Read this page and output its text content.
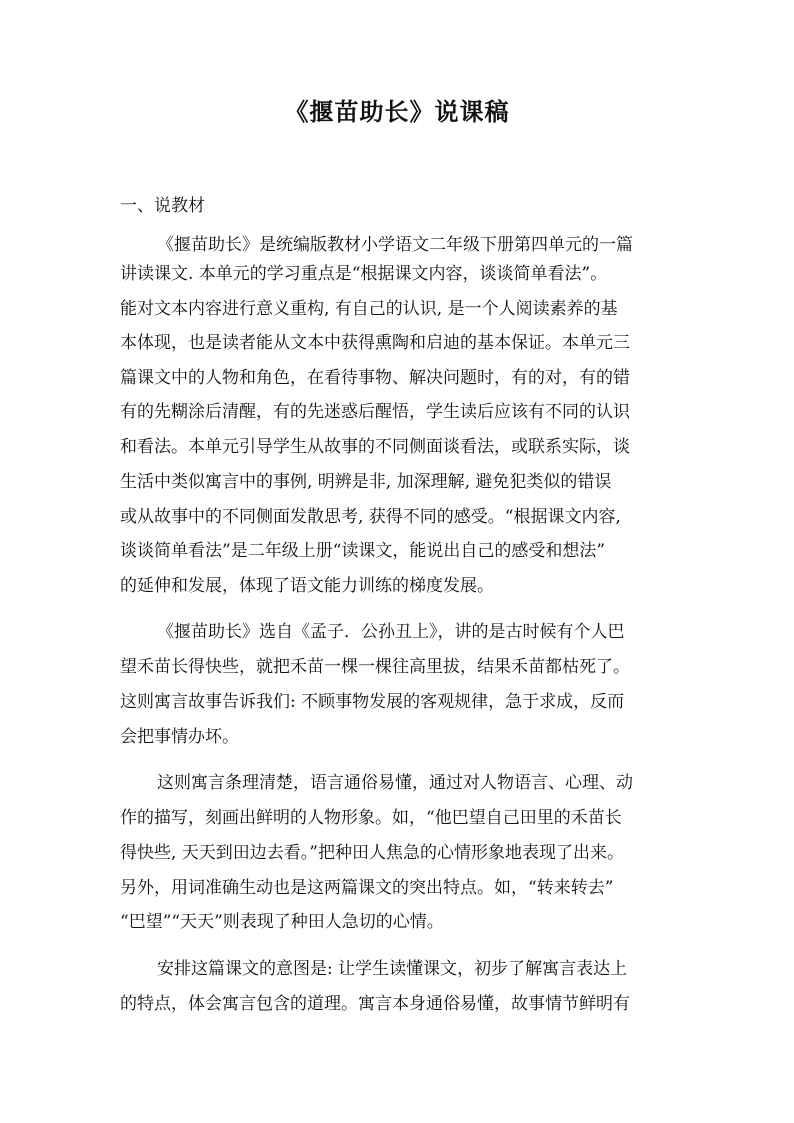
《揠苗助长》说课稿
一、说教材
《揠苗助长》是统编版教材小学语文二年级下册第四单元的一篇
讲读课文. 本单元的学习重点是“根据课文内容，谈谈简单看法”。
能对文本内容进行意义重构, 有自己的认识, 是一个人阅读素养的基
本体现，也是读者能从文本中获得熏陶和启迪的基本保证。本单元三
篇课文中的人物和角色，在看待事物、解决问题时，有的对，有的错
有的先糊涂后清醒，有的先迷惑后醒悟，学生读后应该有不同的认识
和看法。本单元引导学生从故事的不同侧面谈看法，或联系实际，谈
生活中类似寓言中的事例, 明辨是非, 加深理解, 避免犯类似的错误
或从故事中的不同侧面发散思考, 获得不同的感受。“根据课文内容,
谈谈简单看法”是二年级上册“读课文，能说出自己的感受和想法”
的延伸和发展，体现了语文能力训练的梯度发展。
《揠苗助长》选自《孟子．公孙丑上》，讲的是古时候有个人巴
望禾苗长得快些，就把禾苗一棵一棵往高里拔，结果禾苗都枯死了。
这则寓言故事告诉我们: 不顾事物发展的客观规律，急于求成，反而
会把事情办坏。
这则寓言条理清楚，语言通俗易懂，通过对人物语言、心理、动
作的描写，刻画出鲜明的人物形象。如，“他巴望自己田里的禾苗长
得快些, 天天到田边去看。”把种田人焦急的心情形象地表现了出来。
另外，用词准确生动也是这两篇课文的突出特点。如，“转来转去”
“巴望”“天天”则表现了种田人急切的心情。
安排这篇课文的意图是: 让学生读懂课文，初步了解寓言表达上
的特点，体会寓言包含的道理。寓言本身通俗易懂，故事情节鲜明有
